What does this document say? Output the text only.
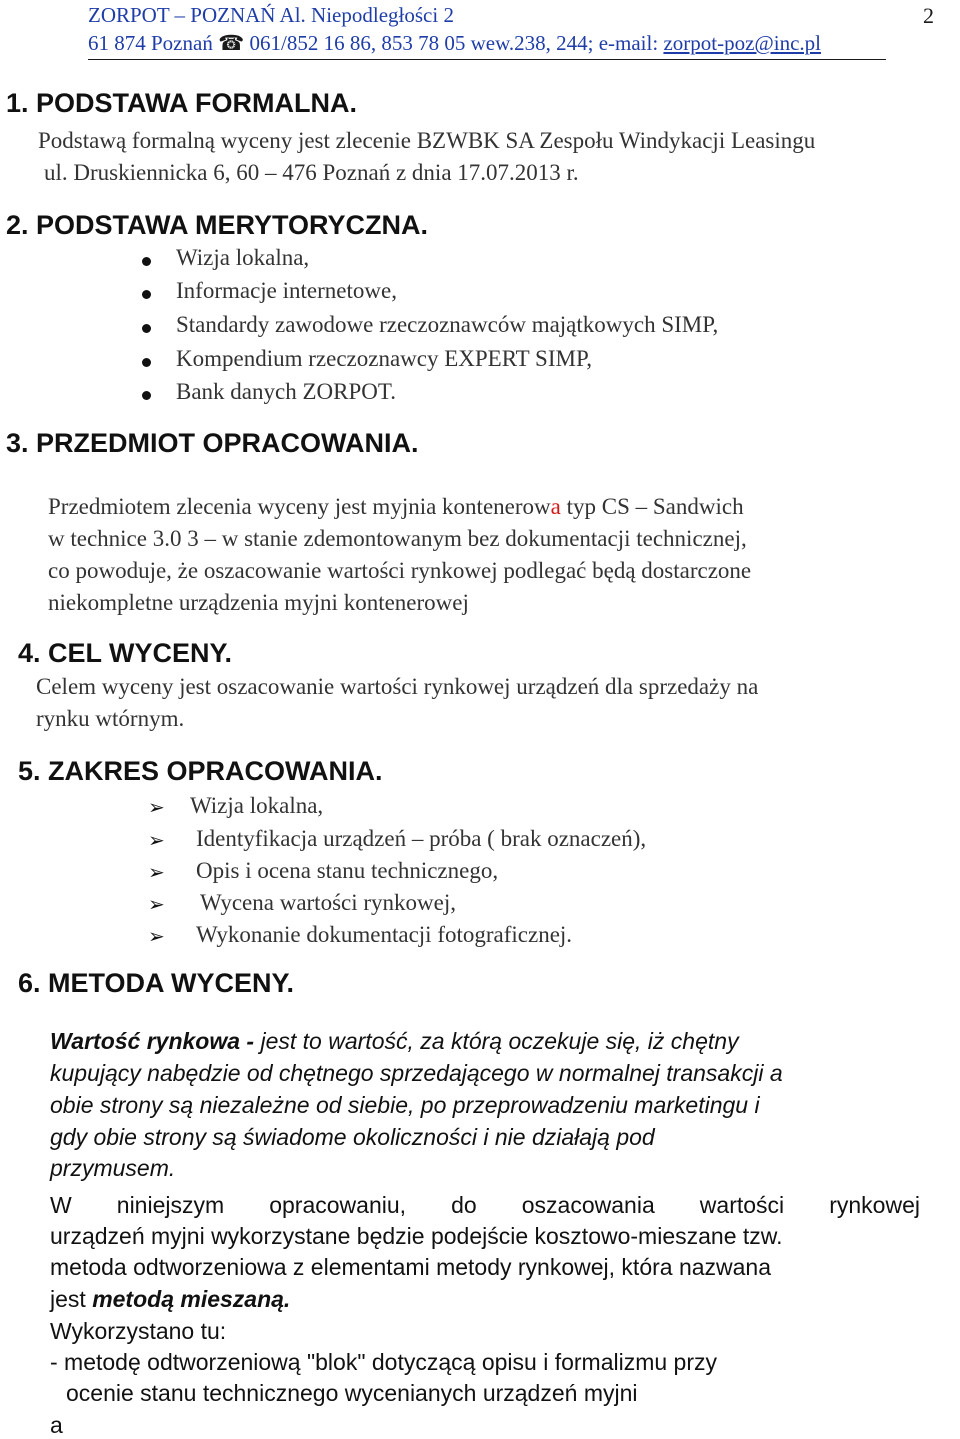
ZORPOT – POZNAŃ Al. Niepodległości 2
61 874 Poznań ☎ 061/852 16 86, 853 78 05 wew.238, 244; e-mail: zorpot-poz@inc.pl
2
1. PODSTAWA FORMALNA.
Podstawą formalną wyceny jest zlecenie BZWBK SA Zespołu Windykacji Leasingu
ul. Druskiennicka 6, 60 – 476 Poznań z dnia 17.07.2013 r.
2. PODSTAWA MERYTORYCZNA.
Wizja lokalna,
Informacje internetowe,
Standardy zawodowe rzeczoznawców majątkowych SIMP,
Kompendium rzeczoznawcy EXPERT SIMP,
Bank danych ZORPOT.
3. PRZEDMIOT OPRACOWANIA.
Przedmiotem zlecenia wyceny jest myjnia kontenerowa typ CS – Sandwich
w technice 3.0 3 – w stanie zdemontowanym bez dokumentacji technicznej,
co powoduje, że oszacowanie wartości rynkowej podlegać będą dostarczone
niekompletne urządzenia myjni kontenerowej
4. CEL WYCENY.
Celem wyceny jest oszacowanie wartości rynkowej urządzeń dla sprzedaży na
rynku wtórnym.
5. ZAKRES OPRACOWANIA.
➢ Wizja lokalna,
➢ Identyfikacja urządzeń – próba ( brak oznaczeń),
➢ Opis i ocena stanu technicznego,
➢ Wycena wartości rynkowej,
➢ Wykonanie dokumentacji fotograficznej.
6. METODA WYCENY.
Wartość rynkowa - jest to wartość, za którą oczekuje się, iż chętny
kupujący nabędzie od chętnego sprzedającego w normalnej transakcji a
obie strony są niezależne od siebie, po przeprowadzeniu marketingu i
gdy obie strony są świadome okoliczności i nie działają pod
przymusem.
W niniejszym opracowaniu, do oszacowania wartości rynkowej
urządzeń myjni wykorzystane będzie podejście kosztowo-mieszane tzw.
metoda odtworzeniowa z elementami metody rynkowej, która nazwana
jest metodą mieszaną.
Wykorzystano tu:
- metodę odtworzeniową "blok" dotyczącą opisu i formalizmu przy
ocenie stanu technicznego wycenianych urządzeń myjni
a
